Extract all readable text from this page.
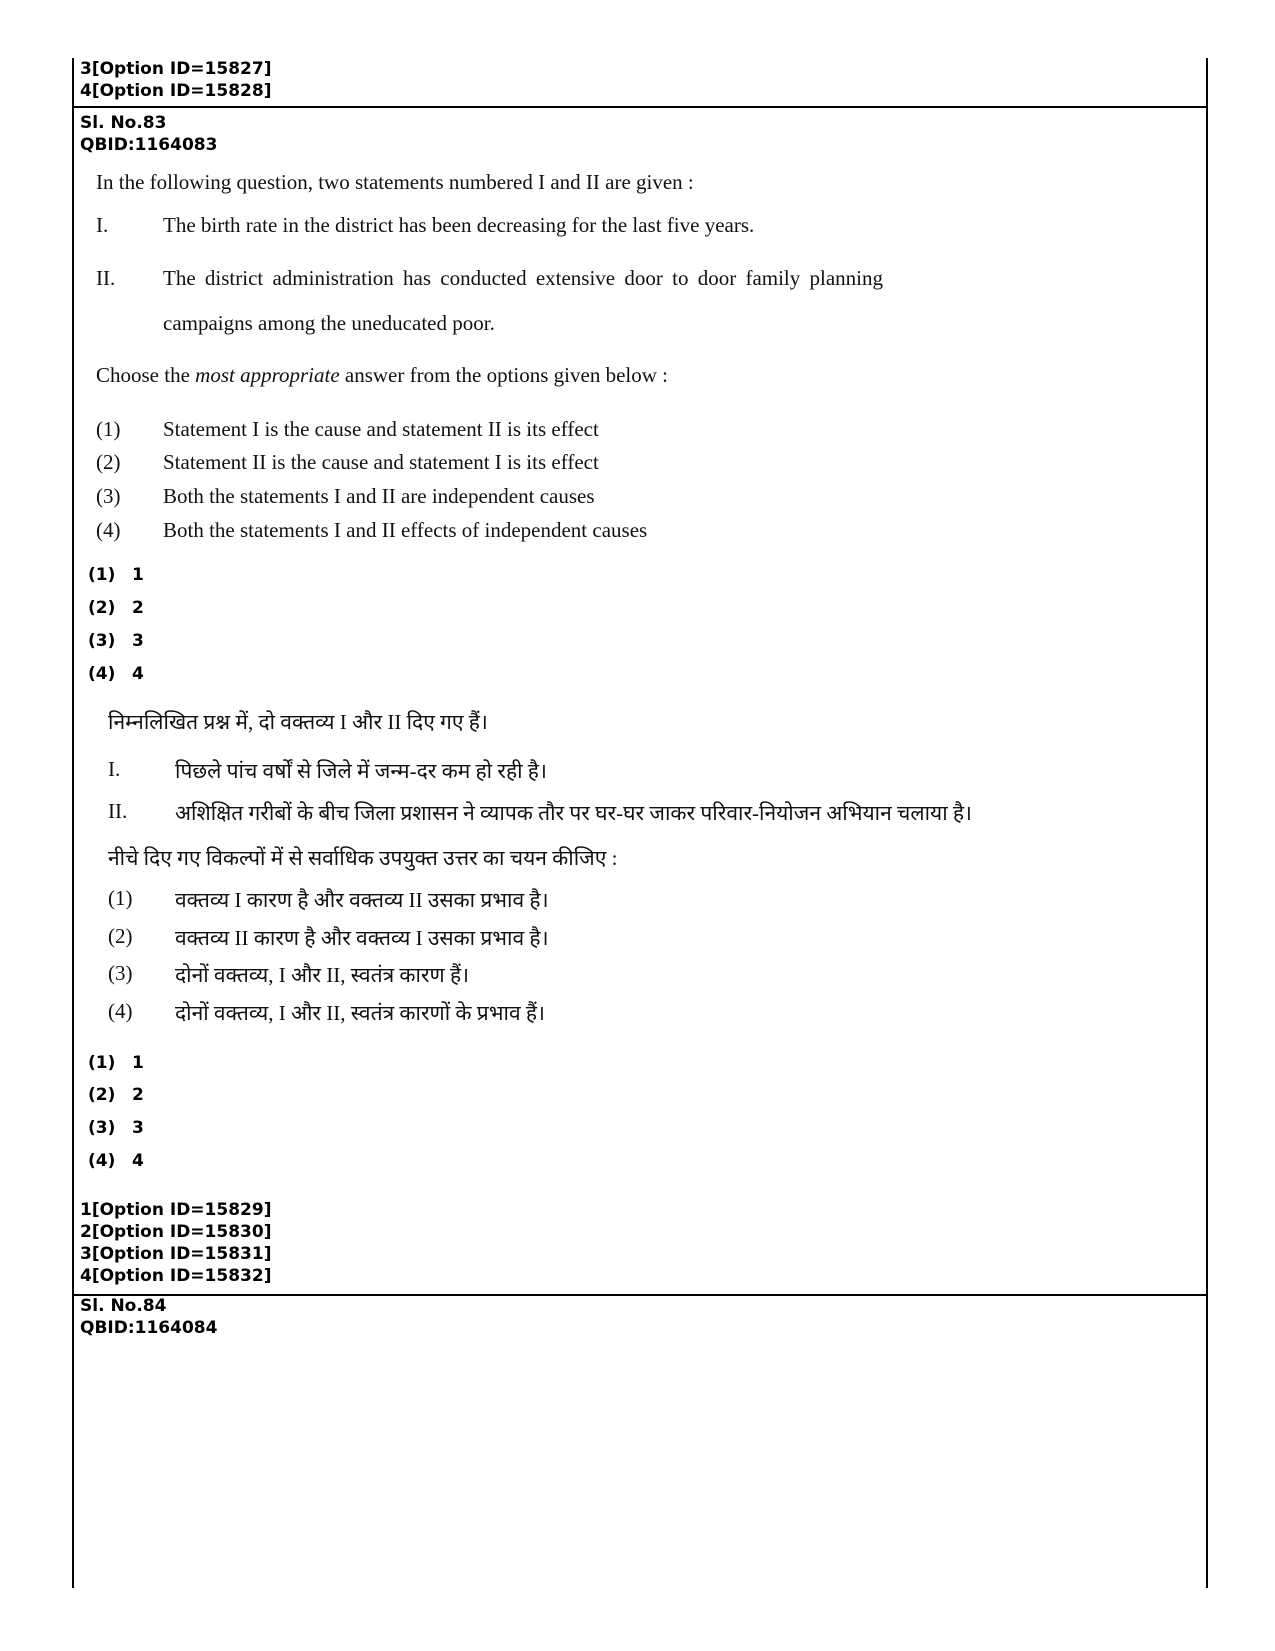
3[Option ID=15827]
4[Option ID=15828]
Sl. No.83
QBID:1164083

In the following question, two statements numbered I and II are given :

I.	The birth rate in the district has been decreasing for the last five years.

II. The district administration has conducted extensive door to door family planning

campaigns among the uneducated poor.

Choose the most appropriate answer from the options given below :

(1) Statement I is the cause and statement II is its effect

(2) Statement II is the cause and statement I is its effect

(3) Both the statements I and II are independent causes

(4) Both the statements I and II effects of independent causes

(1) 1
(2) 2
(3) 3
(4) 4

निम्नलिखित प्रश्न में, दो वक्तव्य I और II दिए गए हैं।

I.	पिछले पांच वर्षों से जिले में जन्म-दर कम हो रही है।

II. अशिक्षित गरीबों के बीच जिला प्रशासन ने व्यापक तौर पर घर-घर जाकर परिवार-नियोजन अभियान चलाया है।

नीचे दिए गए विकल्पों में से सर्वाधिक उपयुक्त उत्तर का चयन कीजिए :

(1) वक्तव्य I कारण है और वक्तव्य II उसका प्रभाव है।

(2) वक्तव्य II कारण है और वक्तव्य I उसका प्रभाव है।

(3) दोनों वक्तव्य, I और II, स्वतंत्र कारण हैं।

(4) दोनों वक्तव्य, I और II, स्वतंत्र कारणों के प्रभाव हैं।

(1) 1
(2) 2
(3) 3
(4) 4
1[Option ID=15829]
2[Option ID=15830]
3[Option ID=15831]
4[Option ID=15832]
Sl. No.84
QBID:1164084
